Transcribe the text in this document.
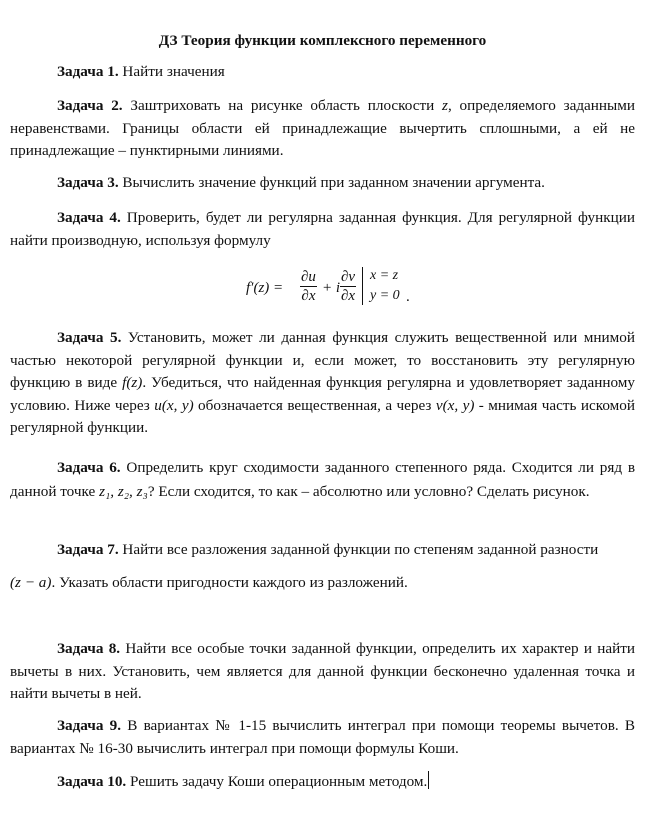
ДЗ Теория функции комплексного переменного

Задача 1. Найти значения

Задача 2. Заштриховать на рисунке область плоскости z, определяемого заданными неравенствами. Границы области ей принадлежащие вычертить сплошными, а ей не принадлежащие – пунктирными линиями.

Задача 3. Вычислить значение функций при заданном значении аргумента.

Задача 4. Проверить, будет ли регулярна заданная функция. Для регулярной функции найти производную, используя формулу

$f'(z) = \frac{\partial u}{\partial x} + i \frac{\partial v}{\partial x}$ x = z
y = 0 .

Задача 5. Установить, может ли данная функция служить вещественной или мнимой частью некоторой регулярной функции и, если может, то восстановить эту регулярную функцию в виде f(z). Убедиться, что найденная функция регулярна и удовлетворяет заданному условию. Ниже через u(x, y) обозначается вещественная, а через v(x, y) - мнимая часть искомой регулярной функции.

Задача 6. Определить круг сходимости заданного степенного ряда. Сходится ли ряд в данной точке z₁, z₂, z₃? Если сходится, то как – абсолютно или условно? Сделать рисунок.

Задача 7. Найти все разложения заданной функции по степеням заданной разности

(z − a). Указать области пригодности каждого из разложений.

Задача 8. Найти все особые точки заданной функции, определить их характер и найти вычеты в них. Установить, чем является для данной функции бесконечно удаленная точка и найти вычеты в ней.

Задача 9. В вариантах № 1-15 вычислить интеграл при помощи теоремы вычетов. В вариантах № 16-30 вычислить интеграл при помощи формулы Коши.

Задача 10. Решить задачу Коши операционным методом.
